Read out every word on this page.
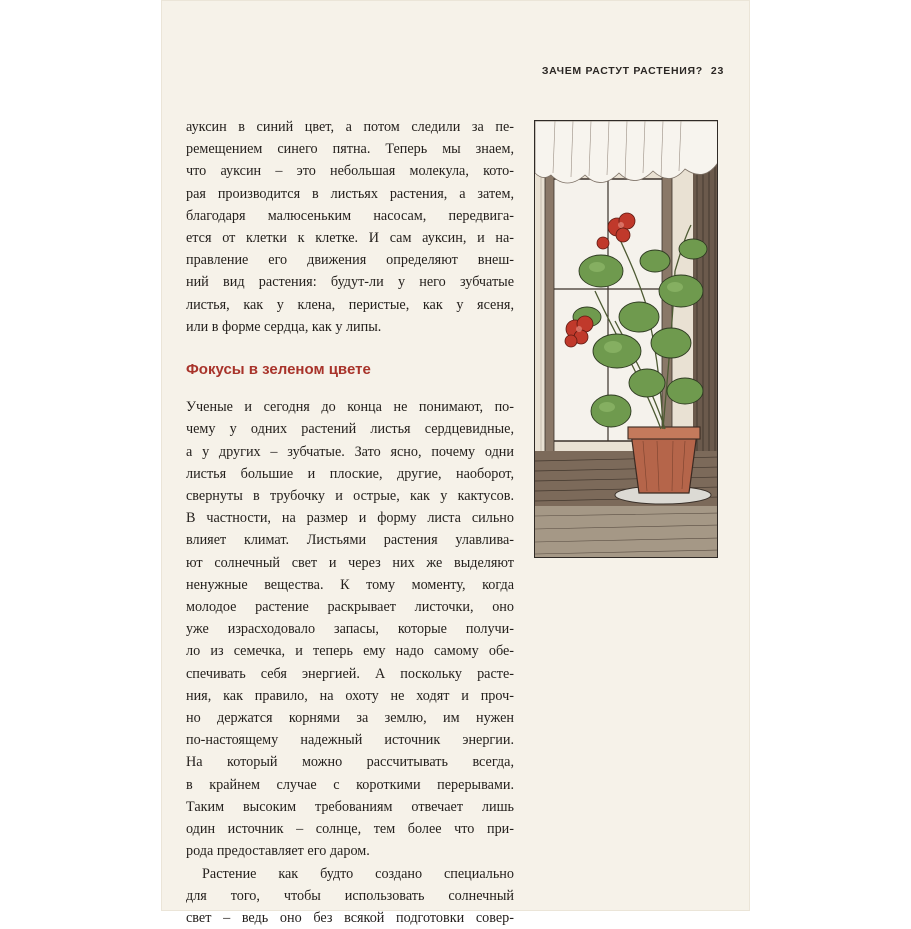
ЗАЧЕМ РАСТУТ РАСТЕНИЯ? 23

ауксин в синий цвет, а потом следили за пе-
ремещением синего пятна. Теперь мы знаем,
что ауксин – это небольшая молекула, кото-
рая производится в листьях растения, а затем,
благодаря малюсеньким насосам, передвига-
ется от клетки к клетке. И сам ауксин, и на-
правление его движения определяют внеш-
ний вид растения: будут-ли у него зубчатые
листья, как у клена, перистые, как у ясеня,
или в форме сердца, как у липы.

Фокусы в зеленом цвете

Ученые и сегодня до конца не понимают, по-
чему у одних растений листья сердцевидные,
а у других – зубчатые. Зато ясно, почему одни
листья большие и плоские, другие, наоборот,
свернуты в трубочку и острые, как у кактусов.
В частности, на размер и форму листа сильно
влияет климат. Листьями растения улавлива-
ют солнечный свет и через них же выделяют
ненужные вещества. К тому моменту, когда
молодое растение раскрывает листочки, оно
уже израсходовало запасы, которые получи-
ло из семечка, и теперь ему надо самому обе-
спечивать себя энергией. А поскольку расте-
ния, как правило, на охоту не ходят и проч-
но держатся корнями за землю, им нужен
по-настоящему надежный источник энергии.
На который можно рассчитывать всегда,
в крайнем случае с короткими перерывами.
Таким высоким требованиям отвечает лишь
один источник – солнце, тем более что при-
рода предоставляет его даром.

Растение как будто создано специально
для того, чтобы использовать солнечный
свет – ведь оно без всякой подготовки совер-
